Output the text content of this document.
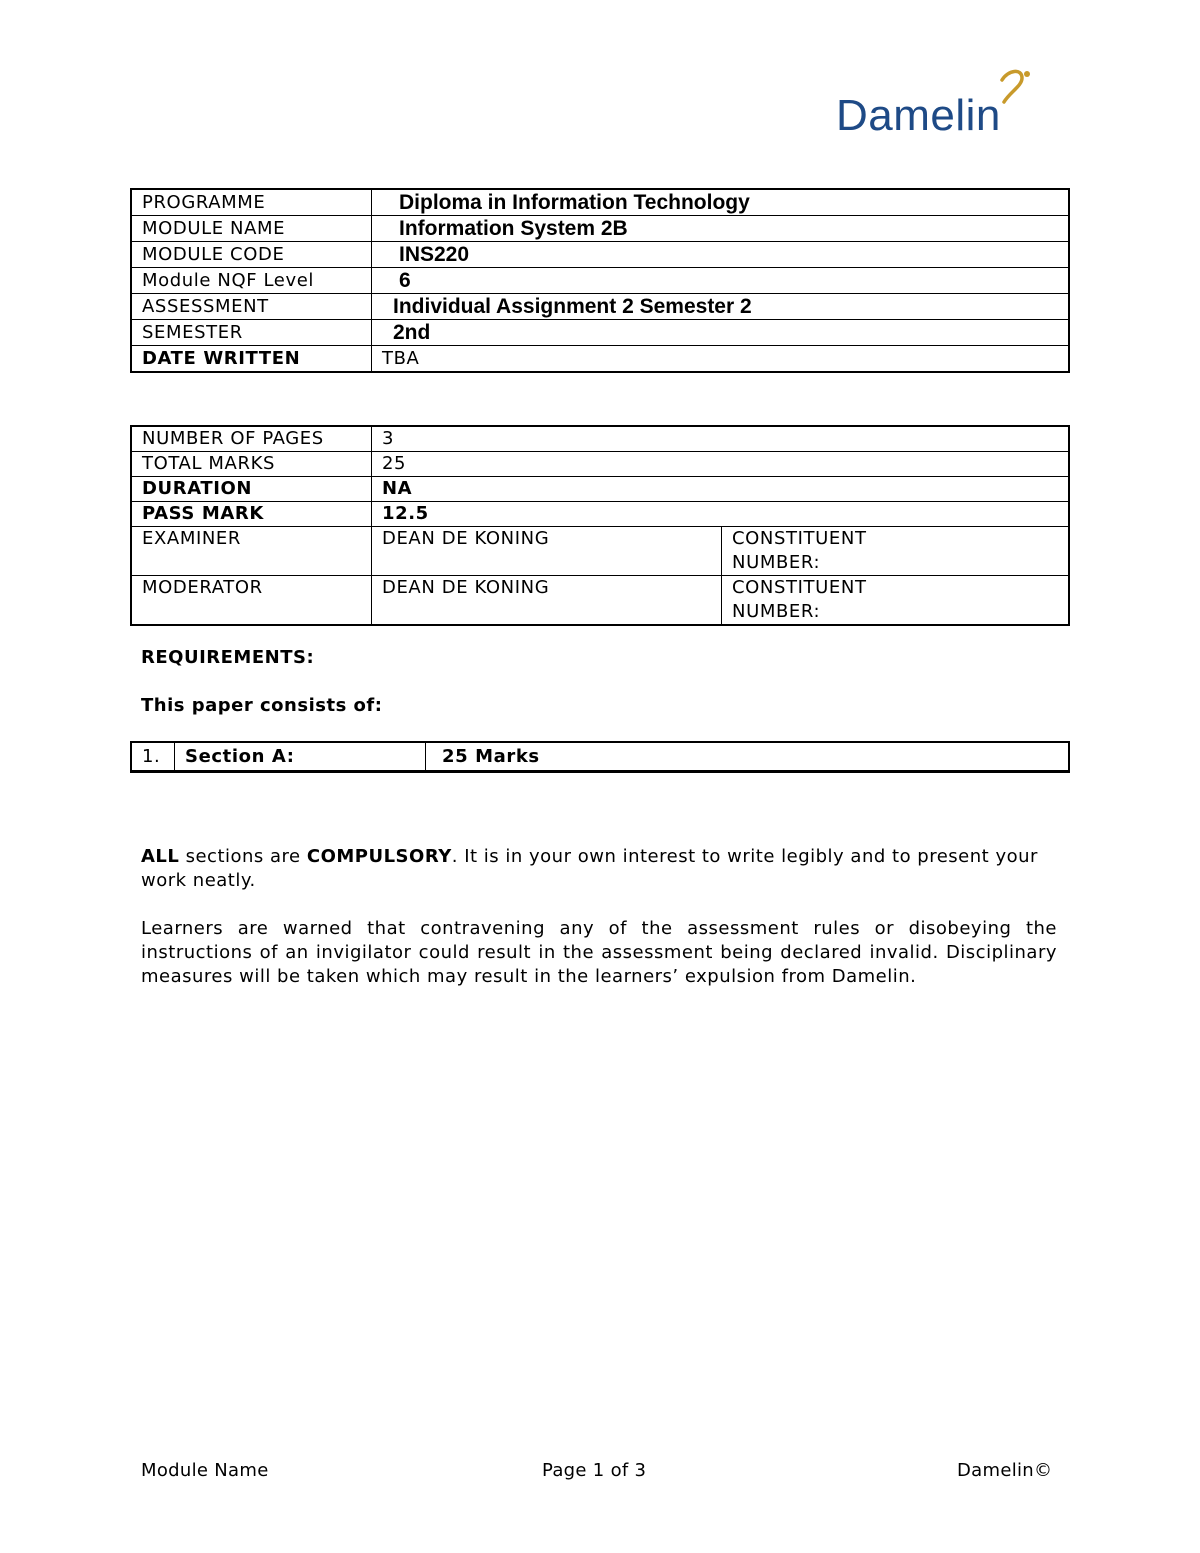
Damelin
PROGRAMME	Diploma in Information Technology
MODULE NAME	Information System 2B
MODULE CODE	INS220
Module NQF Level	6
ASSESSMENT	Individual Assignment 2 Semester 2
SEMESTER	2nd
DATE WRITTEN	TBA
NUMBER OF PAGES	3	
TOTAL MARKS	25	
DURATION	NA	
PASS MARK	12.5	
EXAMINER	DEAN DE KONING	CONSTITUENT
NUMBER:
MODERATOR	DEAN DE KONING	CONSTITUENT
NUMBER:
REQUIREMENTS:
This paper consists of:
1.	Section A:	25 Marks
ALL sections are COMPULSORY. It is in your own interest to write legibly and to present your work neatly.
Learners are warned that contravening any of the assessment rules or disobeying the instructions of an invigilator could result in the assessment being declared invalid. Disciplinary measures will be taken which may result in the learners’ expulsion from Damelin.
Module Name	Page 1 of 3	Damelin©
